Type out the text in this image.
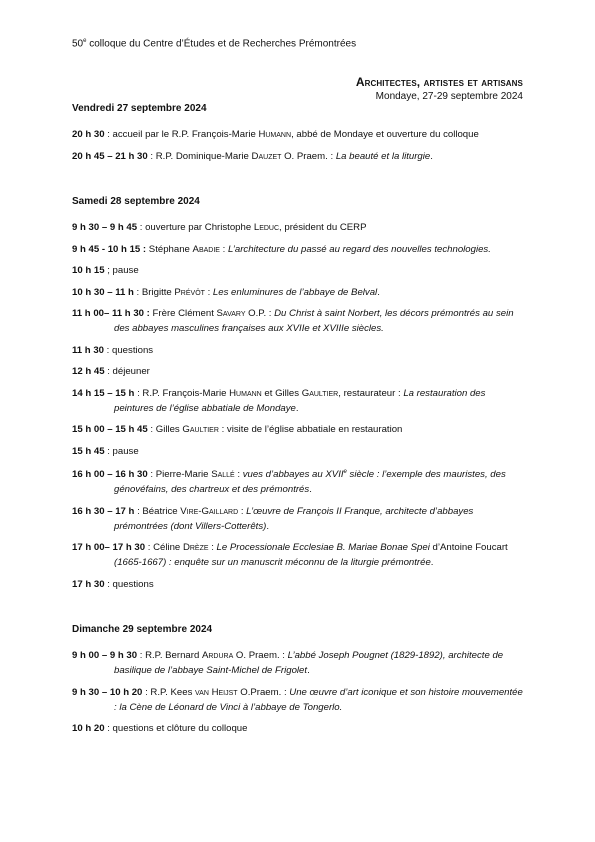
50e colloque du Centre d’Études et de Recherches Prémontrées
Architectes, artistes et artisans
Mondaye, 27-29 septembre 2024
Vendredi 27 septembre 2024
20 h 30 : accueil par le R.P. François-Marie Humann, abbé de Mondaye et ouverture du colloque
20 h 45 – 21 h 30 : R.P. Dominique-Marie Dauzet O. Praem. : La beauté et la liturgie.
Samedi 28 septembre 2024
9 h 30 – 9 h 45 : ouverture par Christophe Leduc, président du CERP
9 h 45 - 10 h 15 : Stéphane Abadie : L’architecture du passé au regard des nouvelles technologies.
10 h 15 ; pause
10 h 30 – 11 h : Brigitte Prévôt : Les enluminures de l’abbaye de Belval.
11 h 00– 11 h 30 : Frère Clément Savary O.P. : Du Christ à saint Norbert, les décors prémontrés au sein des abbayes masculines françaises aux XVIIe et XVIIIe siècles.
11 h 30 : questions
12 h 45 : déjeuner
14 h 15 – 15 h : R.P. François-Marie Humann et Gilles Gaultier, restaurateur : La restauration des peintures de l’église abbatiale de Mondaye.
15 h 00 – 15 h 45 : Gilles Gaultier : visite de l’église abbatiale en restauration
15 h 45 : pause
16 h 00 – 16 h 30 : Pierre-Marie Sallé : vues d’abbayes au XVIIe siècle : l’exemple des mauristes, des génovéfains, des chartreux et des prémontrés.
16 h 30 – 17 h : Béatrice Vire-Gaillard : L’œuvre de François II Franque, architecte d’abbayes prémontrées (dont Villers-Cotterêts).
17 h 00– 17 h 30 : Céline Drèze : Le Processionale Ecclesiae B. Mariae Bonae Spei d’Antoine Foucart (1665-1667) : enquête sur un manuscrit méconnu de la liturgie prémontrée.
17 h 30 : questions
Dimanche 29 septembre 2024
9 h 00 – 9 h 30 : R.P. Bernard Ardura O. Praem. : L’abbé Joseph Pougnet (1829-1892), architecte de basilique de l’abbaye Saint-Michel de Frigolet.
9 h 30 – 10 h 20 : R.P. Kees van Heijst O.Praem. : Une œuvre d’art iconique et son histoire mouvementée : la Cène de Léonard de Vinci à l’abbaye de Tongerlo.
10 h 20 : questions et clôture du colloque
